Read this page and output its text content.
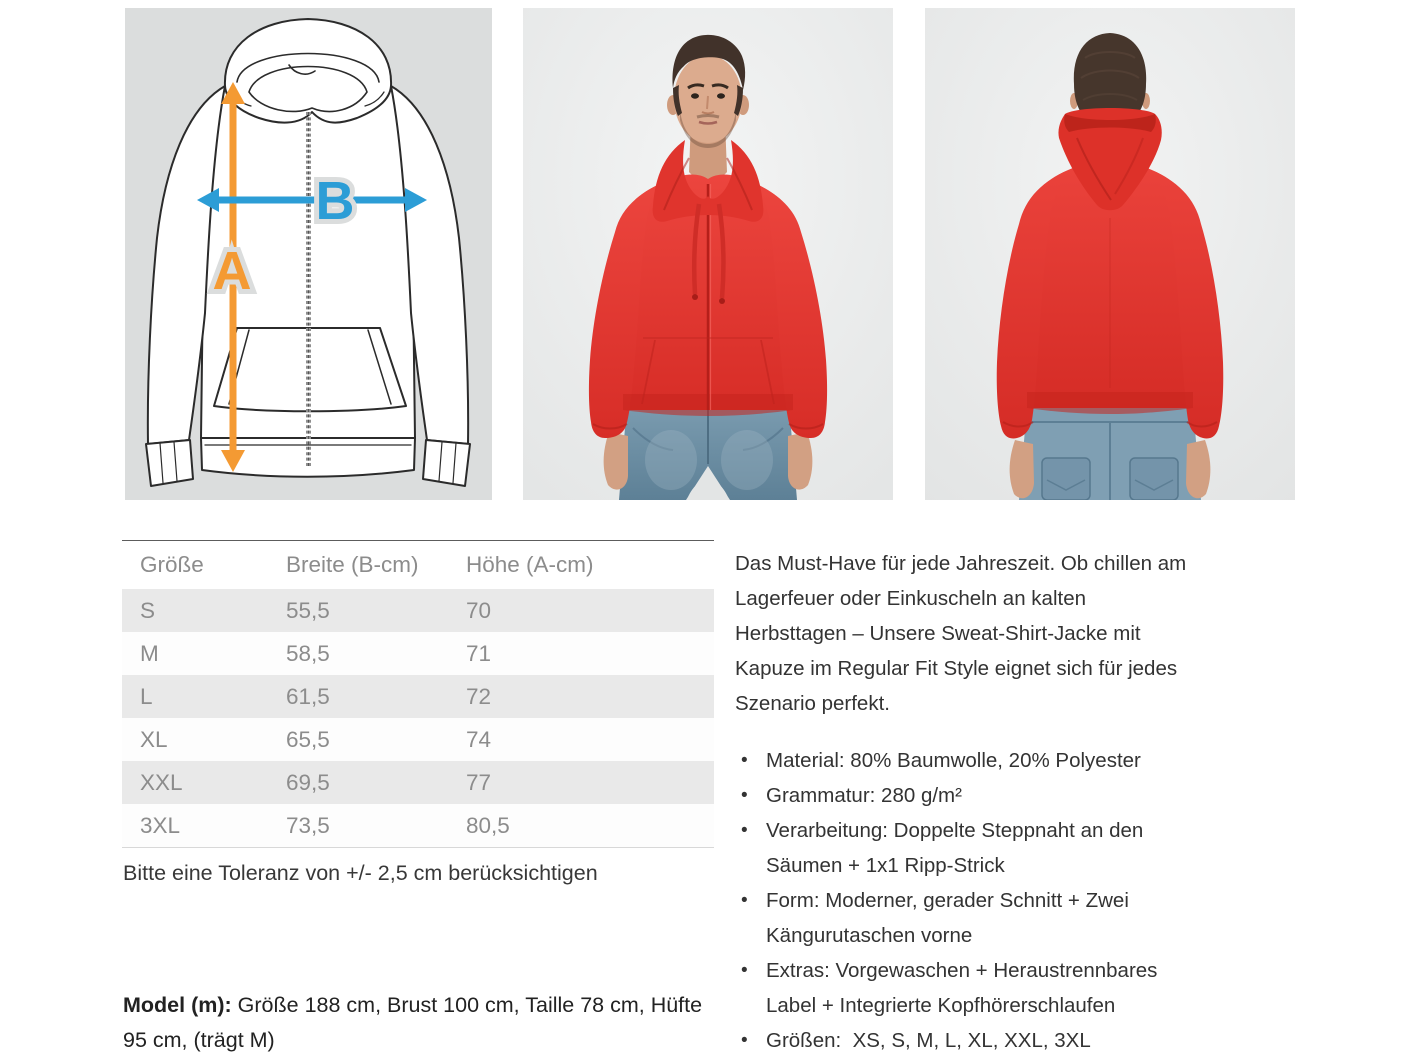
A
B
Größe	Breite (B-cm)	Höhe (A-cm)
S	55,5	70
M	58,5	71
L	61,5	72
XL	65,5	74
XXL	69,5	77
3XL	73,5	80,5

Bitte eine Toleranz von +/- 2,5 cm berücksichtigen

Das Must-Have für jede Jahreszeit. Ob chillen am Lagerfeuer oder Einkuscheln an kalten Herbsttagen – Unsere Sweat-Shirt-Jacke mit Kapuze im Regular Fit Style eignet sich für jedes Szenario perfekt.

• Material: 80% Baumwolle, 20% Polyester
• Grammatur: 280 g/m²
• Verarbeitung: Doppelte Steppnaht an den Säumen + 1x1 Ripp-Strick
• Form: Moderner, gerader Schnitt + Zwei Kängurutaschen vorne
• Extras: Vorgewaschen + Heraustrennbares Label + Integrierte Kopfhörerschlaufen
• Größen:  XS, S, M, L, XL, XXL, 3XL

Model (m): Größe 188 cm, Brust 100 cm, Taille 78 cm, Hüfte 95 cm, (trägt M)
